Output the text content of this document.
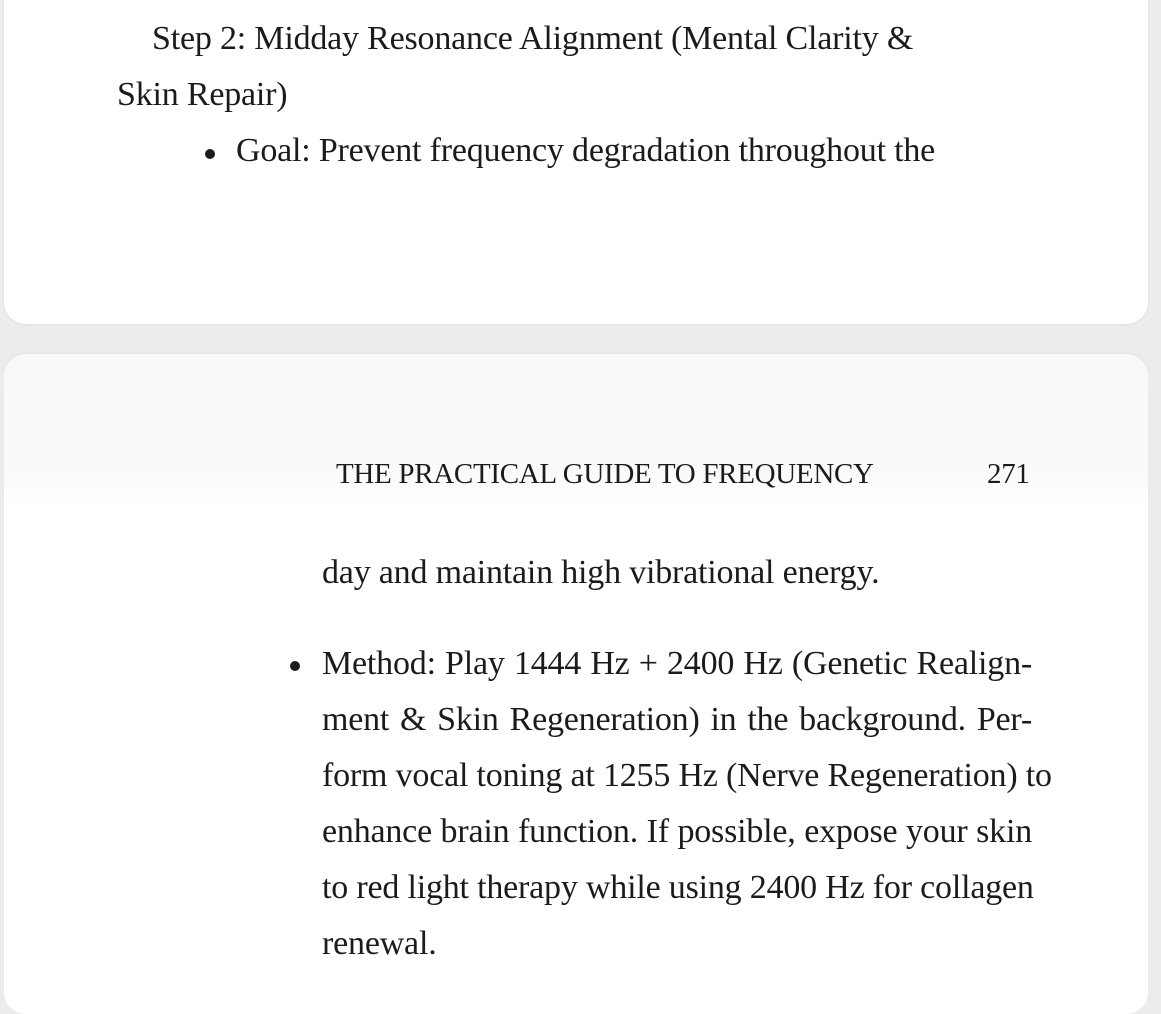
Step 2: Midday Resonance Alignment (Mental Clarity &
Skin Repair)
Goal: Prevent frequency degradation throughout the
THE PRACTICAL GUIDE TO FREQUENCY	271
day and maintain high vibrational energy.
Method: Play 1444 Hz + 2400 Hz (Genetic Realign-
ment & Skin Regeneration) in the background. Per-
form vocal toning at 1255 Hz (Nerve Regeneration) to
enhance brain function. If possible, expose your skin
to red light therapy while using 2400 Hz for collagen
renewal.
